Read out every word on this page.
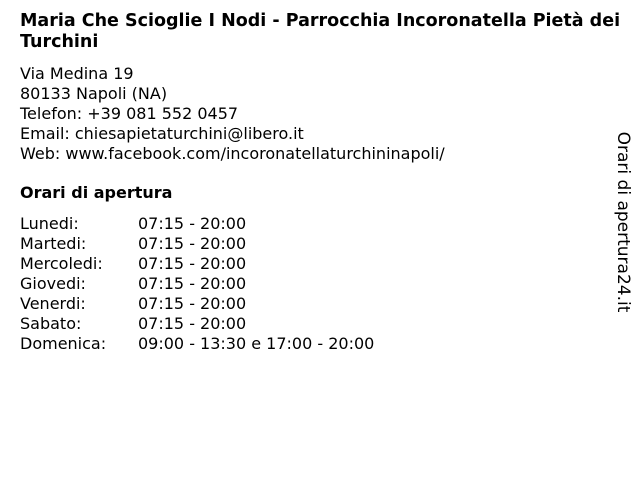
Maria Che Scioglie I Nodi - Parrocchia Incoronatella Pietà dei Turchini
Via Medina 19
80133 Napoli (NA)
Telefon: +39 081 552 0457
Email: chiesapietaturchini@libero.it
Web: www.facebook.com/incoronatellaturchininapoli/
Orari di apertura
Lunedi:	07:15 - 20:00
Martedi:	07:15 - 20:00
Mercoledi: 07:15 - 20:00
Giovedi:	07:15 - 20:00
Venerdi:	07:15 - 20:00
Sabato:	07:15 - 20:00
Domenica: 09:00 - 13:30 e 17:00 - 20:00
Orari di apertura24.it
